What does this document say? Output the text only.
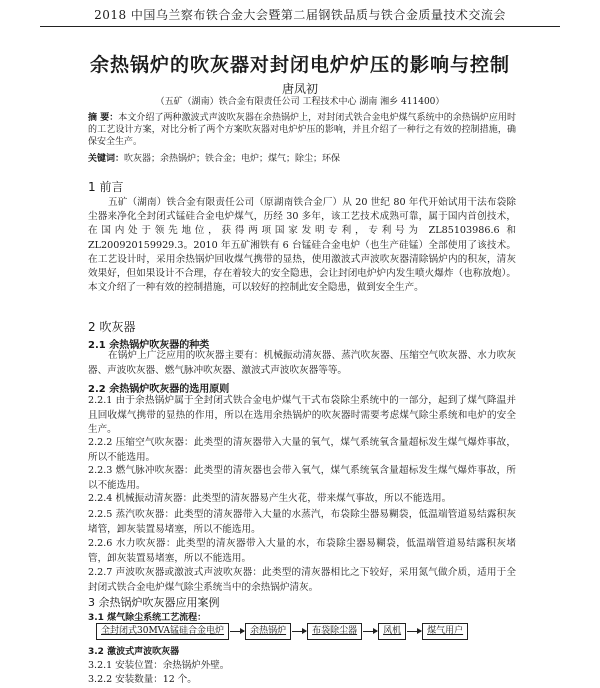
2018 中国乌兰察布铁合金大会暨第二届钢铁品质与铁合金质量技术交流会
余热锅炉的吹灰器对封闭电炉炉压的影响与控制
唐凤初
（五矿（湖南）铁合金有限责任公司 工程技术中心 湖南 湘乡 411400）
摘 要：本文介绍了两种激波式声波吹灰器在余热锅炉上，对封闭式铁合金电炉煤气系统中的余热锅炉应用时的工艺设计方案，对比分析了两个方案吹灰器对电炉炉压的影响，并且介绍了一种行之有效的控制措施，确保安全生产。
关键词：吹灰器；余热锅炉；铁合金；电炉；煤气；除尘；环保
1 前言
五矿（湖南）铁合金有限责任公司（原湖南铁合金厂）从 20 世纪 80 年代开始试用干法布袋除尘器来净化全封闭式锰硅合金电炉煤气，历经 30 多年，该工艺技术成熟可靠，属于国内首创技术，在国内处于领先地位，获得两项国家发明专利，专利号为 ZL85103986.6 和 ZL200920159929.3。2010 年五矿湘铁有 6 台锰硅合金电炉（也生产硅锰）全部使用了该技术。在工艺设计时，采用余热锅炉回收煤气携带的显热，使用激波式声波吹灰器清除锅炉内的积灰，清灰效果好，但如果设计不合理，存在着较大的安全隐患，会让封闭电炉炉内发生喷火爆炸（也称放炮）。本文介绍了一种有效的控制措施，可以较好的控制此安全隐患，做到安全生产。
2 吹灰器
2.1 余热锅炉吹灰器的种类
在锅炉上广泛应用的吹灰器主要有：机械振动清灰器、蒸汽吹灰器、压缩空气吹灰器、水力吹灰器、声波吹灰器、燃气脉冲吹灰器、激波式声波吹灰器等等。
2.2 余热锅炉吹灰器的选用原则
2.2.1 由于余热锅炉属于全封闭式铁合金电炉煤气干式布袋除尘系统中的一部分，起到了煤气降温并且回收煤气携带的显热的作用，所以在选用余热锅炉的吹灰器时需要考虑煤气除尘系统和电炉的安全生产。
2.2.2 压缩空气吹灰器：此类型的清灰器带入大量的氧气，煤气系统氧含量超标发生煤气爆炸事故，所以不能选用。
2.2.3 燃气脉冲吹灰器：此类型的清灰器也会带入氧气，煤气系统氧含量超标发生煤气爆炸事故，所以不能选用。
2.2.4 机械振动清灰器：此类型的清灰器易产生火花，带来煤气事故，所以不能选用。
2.2.5 蒸汽吹灰器：此类型的清灰器带入大量的水蒸汽，布袋除尘器易糊袋，低温端管道易结露积灰堵管，卸灰装置易堵塞，所以不能选用。
2.2.6 水力吹灰器：此类型的清灰器带入大量的水，布袋除尘器易糊袋，低温端管道易结露积灰堵管，卸灰装置易堵塞，所以不能选用。
2.2.7 声波吹灰器或激波式声波吹灰器：此类型的清灰器相比之下较好，采用氮气做介质，适用于全封闭式铁合金电炉煤气除尘系统当中的余热锅炉清灰。
3 余热锅炉吹灰器应用案例
3.1 煤气除尘系统工艺流程：
全封闭式30MVA锰硅合金电炉	余热锅炉	布袋除尘器	风机	煤气用户
3.2 激波式声波吹灰器
3.2.1 安装位置：余热锅炉外壁。
3.2.2 安装数量：12 个。
